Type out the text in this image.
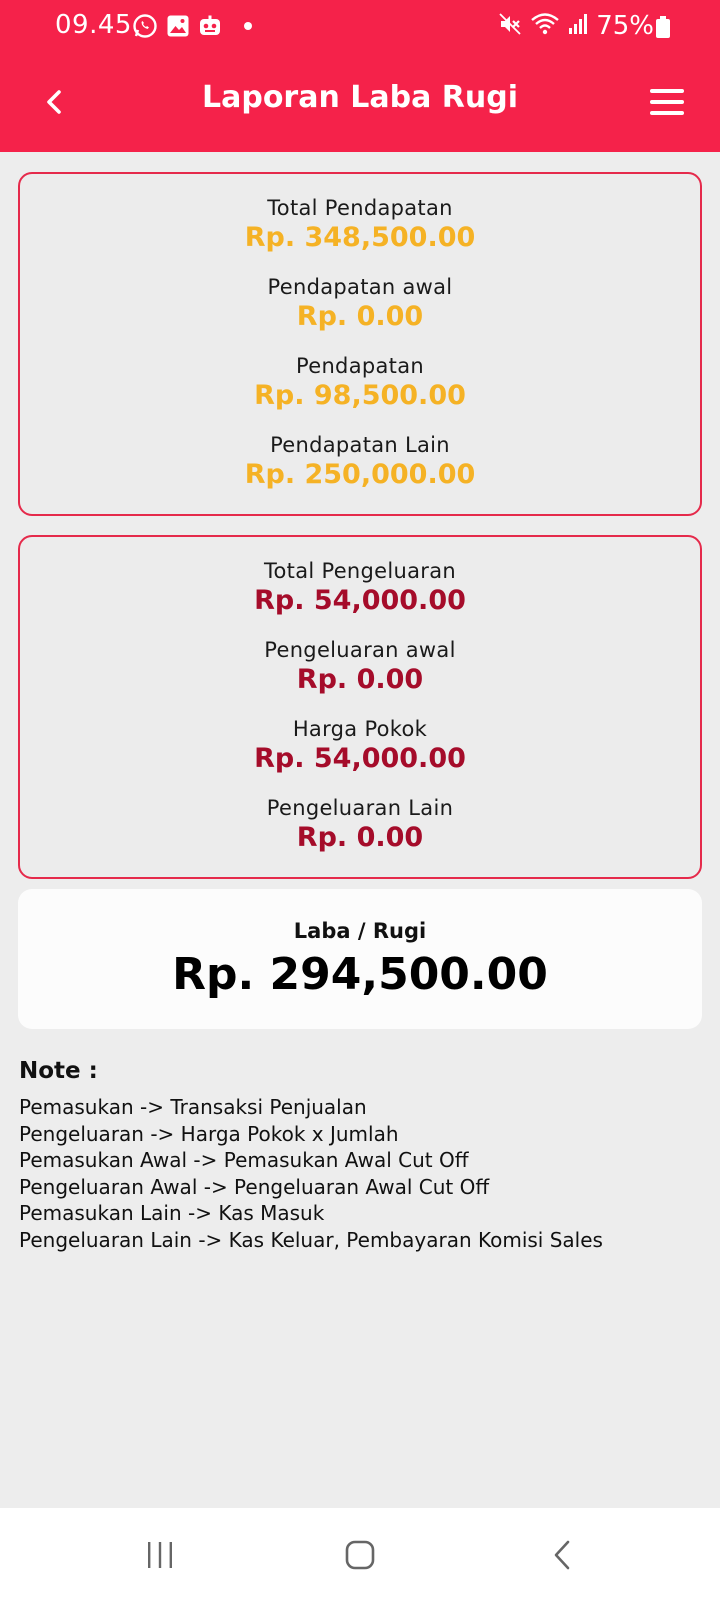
09.45	75%
Laporan Laba Rugi
Total Pendapatan
Rp. 348,500.00
Pendapatan awal
Rp. 0.00
Pendapatan
Rp. 98,500.00
Pendapatan Lain
Rp. 250,000.00
Total Pengeluaran
Rp. 54,000.00
Pengeluaran awal
Rp. 0.00
Harga Pokok
Rp. 54,000.00
Pengeluaran Lain
Rp. 0.00
Laba / Rugi
Rp. 294,500.00
Note :
Pemasukan -> Transaksi Penjualan
Pengeluaran -> Harga Pokok x Jumlah
Pemasukan Awal -> Pemasukan Awal Cut Off
Pengeluaran Awal -> Pengeluaran Awal Cut Off
Pemasukan Lain -> Kas Masuk
Pengeluaran Lain -> Kas Keluar, Pembayaran Komisi Sales
